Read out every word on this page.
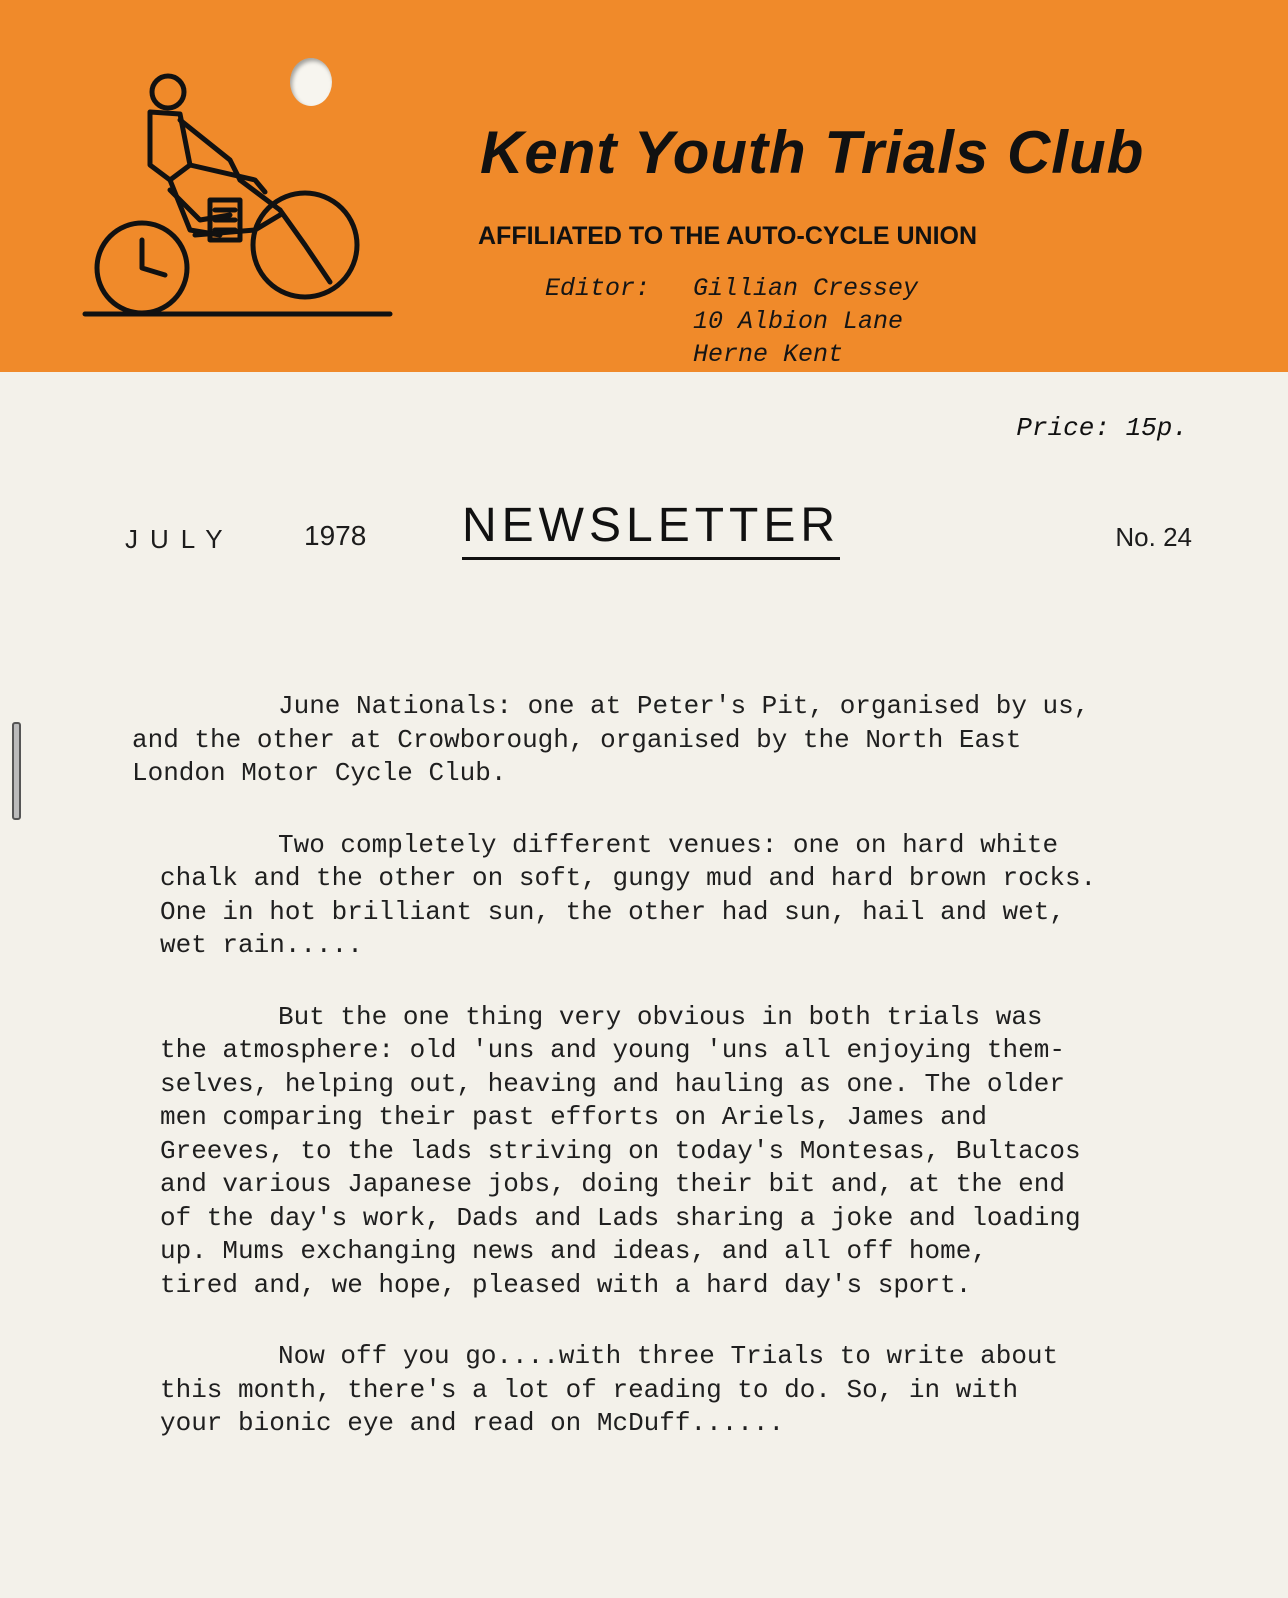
Kent Youth Trials Club
AFFILIATED TO THE AUTO-CYCLE UNION
Editor: Gillian Cressey
10 Albion Lane
Herne Kent
Price: 15p.
JULY 1978 NEWSLETTER	No. 24

June Nationals: one at Peter's Pit, organised by us,
and the other at Crowborough, organised by the North East
London Motor Cycle Club.

Two completely different venues: one on hard white
chalk and the other on soft, gungy mud and hard brown rocks.
One in hot brilliant sun, the other had sun, hail and wet,
wet rain.....

But the one thing very obvious in both trials was
the atmosphere: old 'uns and young 'uns all enjoying them-
selves, helping out, heaving and hauling as one. The older
men comparing their past efforts on Ariels, James and
Greeves, to the lads striving on today's Montesas, Bultacos
and various Japanese jobs, doing their bit and, at the end
of the day's work, Dads and Lads sharing a joke and loading
up. Mums exchanging news and ideas, and all off home,
tired and, we hope, pleased with a hard day's sport.

Now off you go....with three Trials to write about
this month, there's a lot of reading to do. So, in with
your bionic eye and read on McDuff......
